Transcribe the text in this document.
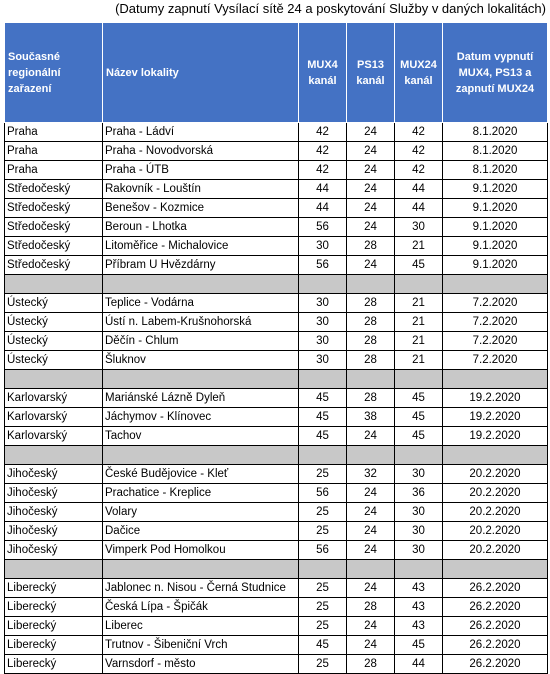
(Datumy zapnutí Vysílací sítě 24 a poskytování Služby v daných lokalitách)
Současné regionální zařazení	Název lokality	MUX4 kanál	PS13 kanál	MUX24 kanál	Datum vypnutí MUX4, PS13 a zapnutí MUX24
Praha	Praha - Ládví	42	24	42	8.1.2020
Praha	Praha - Novodvorská	42	24	42	8.1.2020
Praha	Praha - ÚTB	42	24	42	8.1.2020
Středočeský	Rakovník - Louštín	44	24	44	9.1.2020
Středočeský	Benešov - Kozmice	44	24	44	9.1.2020
Středočeský	Beroun - Lhotka	56	24	30	9.1.2020
Středočeský	Litoměřice - Michalovice	30	28	21	9.1.2020
Středočeský	Příbram U Hvězdárny	56	24	45	9.1.2020

Ústecký	Teplice - Vodárna	30	28	21	7.2.2020
Ústecký	Ústí n. Labem-Krušnohorská	30	28	21	7.2.2020
Ústecký	Děčín - Chlum	30	28	21	7.2.2020
Ústecký	Šluknov	30	28	21	7.2.2020

Karlovarský	Mariánské Lázně Dyleň	45	28	45	19.2.2020
Karlovarský	Jáchymov - Klínovec	45	38	45	19.2.2020
Karlovarský	Tachov	45	24	45	19.2.2020

Jihočeský	České Budějovice - Kleť	25	32	30	20.2.2020
Jihočeský	Prachatice - Kreplice	56	24	36	20.2.2020
Jihočeský	Volary	25	24	30	20.2.2020
Jihočeský	Dačice	25	24	30	20.2.2020
Jihočeský	Vimperk Pod Homolkou	56	24	30	20.2.2020

Liberecký	Jablonec n. Nisou - Černá Studnice	25	24	43	26.2.2020
Liberecký	Česká Lípa - Špičák	25	28	43	26.2.2020
Liberecký	Liberec	25	24	43	26.2.2020
Liberecký	Trutnov - Šibeniční Vrch	45	24	45	26.2.2020
Liberecký	Varnsdorf - město	25	28	44	26.2.2020
